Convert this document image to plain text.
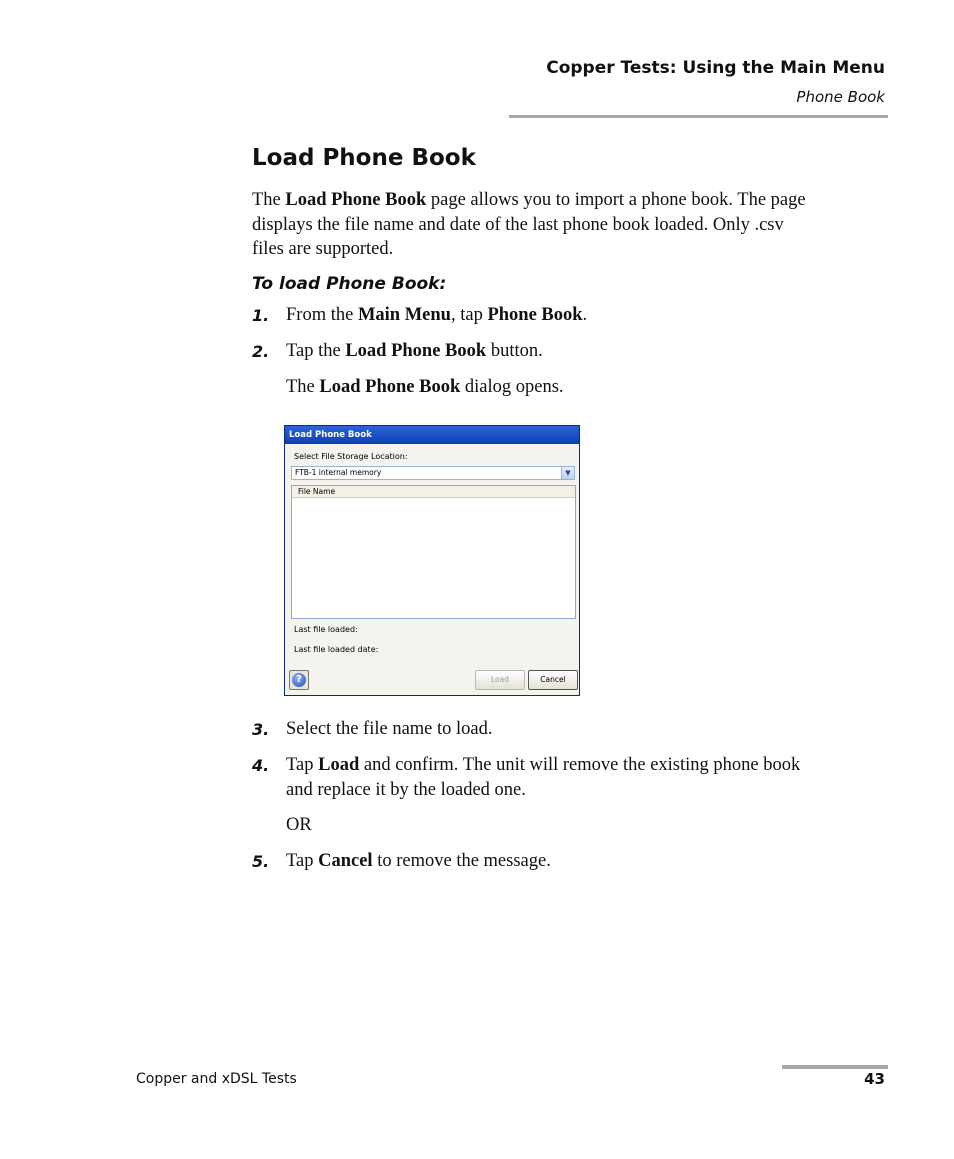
Copper Tests: Using the Main Menu
Phone Book
Load Phone Book
The Load Phone Book page allows you to import a phone book. The page
displays the file name and date of the last phone book loaded. Only .csv
files are supported.
To load Phone Book:
1. From the Main Menu, tap Phone Book.
2. Tap the Load Phone Book button.
The Load Phone Book dialog opens.
Load Phone Book
Select File Storage Location:
FTB-1 internal memory	▼
File Name
Last file loaded:
Last file loaded date:
?	Load	Cancel
3. Select the file name to load.
4. Tap Load and confirm. The unit will remove the existing phone book
and replace it by the loaded one.
OR
5. Tap Cancel to remove the message.
Copper and xDSL Tests	43
